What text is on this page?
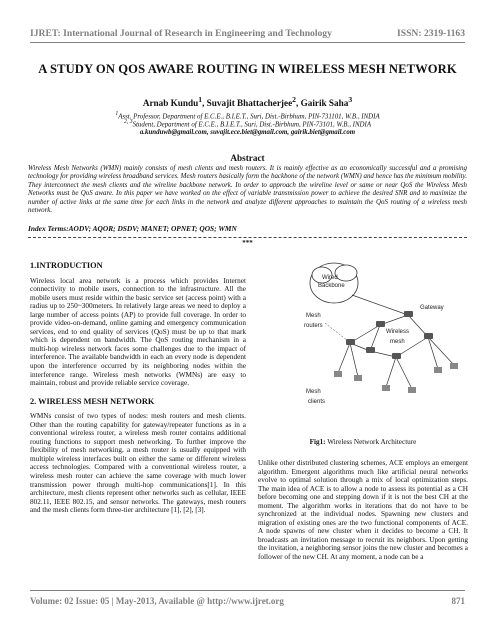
IJRET: International Journal of Research in Engineering and Technology	ISSN: 2319-1163
A STUDY ON QOS AWARE ROUTING IN WIRELESS MESH NETWORK
Arnab Kundu$^1$, Suvajit Bhattacherjee$^2$, Gairik Saha$^3$
$^1$Asst. Professor, Department of E.C.E., B.I.E.T., Suri, Dist.-Birbhum, PIN-731101, W.B., INDIA
$^{2, 3}$Student, Department of E.C.E., B.I.E.T., Suri, Dist.-Birbhum, PIN-73101, W.B., INDIA
a.kunduwb@gmail.com, suvajit.ece.biet@gmail.com, gairik.biet@gmail.com
Abstract
Wireless Mesh Networks (WMN) mainly consists of mesh clients and mesh routers. It is mainly effective as an economically successful and a promising technology for providing wireless broadband services. Mesh routers basically form the backbone of the network (WMN) and hence has the minimum mobility. They interconnect the mesh clients and the wireline backbone network. In order to approach the wireline level or same or near QoS the Wireless Mesh Networks must be QoS aware. In this paper we have worked on the effect of variable transmission power to achieve the desired SNR and to maximize the number of active links at the same time for each links in the network and analyze different approaches to maintain the QoS routing of a wireless mesh network.
Index Terms:AODV; AQOR; DSDV; MANET; OPNET; QOS; WMN
***
1.INTRODUCTION
Wireless local area network is a process which provides Internet connectivity to mobile users, connection to the infrastructure. All the mobile users must reside within the basic service set (access point) with a radius up to 250~300meters. In relatively large areas we need to deploy a large number of access points (AP) to provide full coverage. In order to provide video-on-demand, online gaming and emergency communication services, end to end quality of services (QoS) must be up to that mark which is dependent on bandwidth. The QoS routing mechanism in a multi-hop wireless network faces some challenges due to the impact of interference. The available bandwidth in each an every node is dependent upon the interference occurred by its neighboring nodes within the interference range. Wireless mesh networks (WMNs) are easy to maintain, robust and provide reliable service coverage.
2. WIRELESS MESH NETWORK
WMNs consist of two types of nodes: mesh routers and mesh clients. Other than the routing capability for gateway/repeater functions as in a conventional wireless router, a wireless mesh router contains additional routing functions to support mesh networking. To further improve the flexibility of mesh networking, a mesh router is usually equipped with multiple wireless interfaces built on either the same or different wireless access technologies. Compared with a conventional wireless router, a wireless mesh router can achieve the same coverage with much lower transmission power through multi-hop communications[1]. In this architecture, mesh clients represent other networks such as cellular, IEEE 802.11, IEEE 802.15, and sensor networks. The gateways, mesh routers and the mesh clients form three-tier architecture [1], [2], [3].
Wired
Backbone
Gateway
Mesh
routers
Wireless
mesh
Mesh
clients
Fig1: Wireless Network Architecture
Unlike other distributed clustering schemes, ACE employs an emergent algorithm. Emergent algorithms much like artificial neural networks evolve to optimal solution through a mix of local optimization steps. The main idea of ACE is to allow a node to assess its potential as a CH before becoming one and stepping down if it is not the best CH at the moment. The algorithm works in iterations that do not have to be synchronized at the individual nodes. Spawning new clusters and migration of existing ones are the two functional components of ACE. A node spawns of new cluster when it decides to become a CH. It broadcasts an invitation message to recruit its neighbors. Upon getting the invitation, a neighboring sensor joins the new cluster and becomes a follower of the new CH. At any moment, a node can be a
Volume: 02 Issue: 05 | May-2013, Available @ http://www.ijret.org	871
